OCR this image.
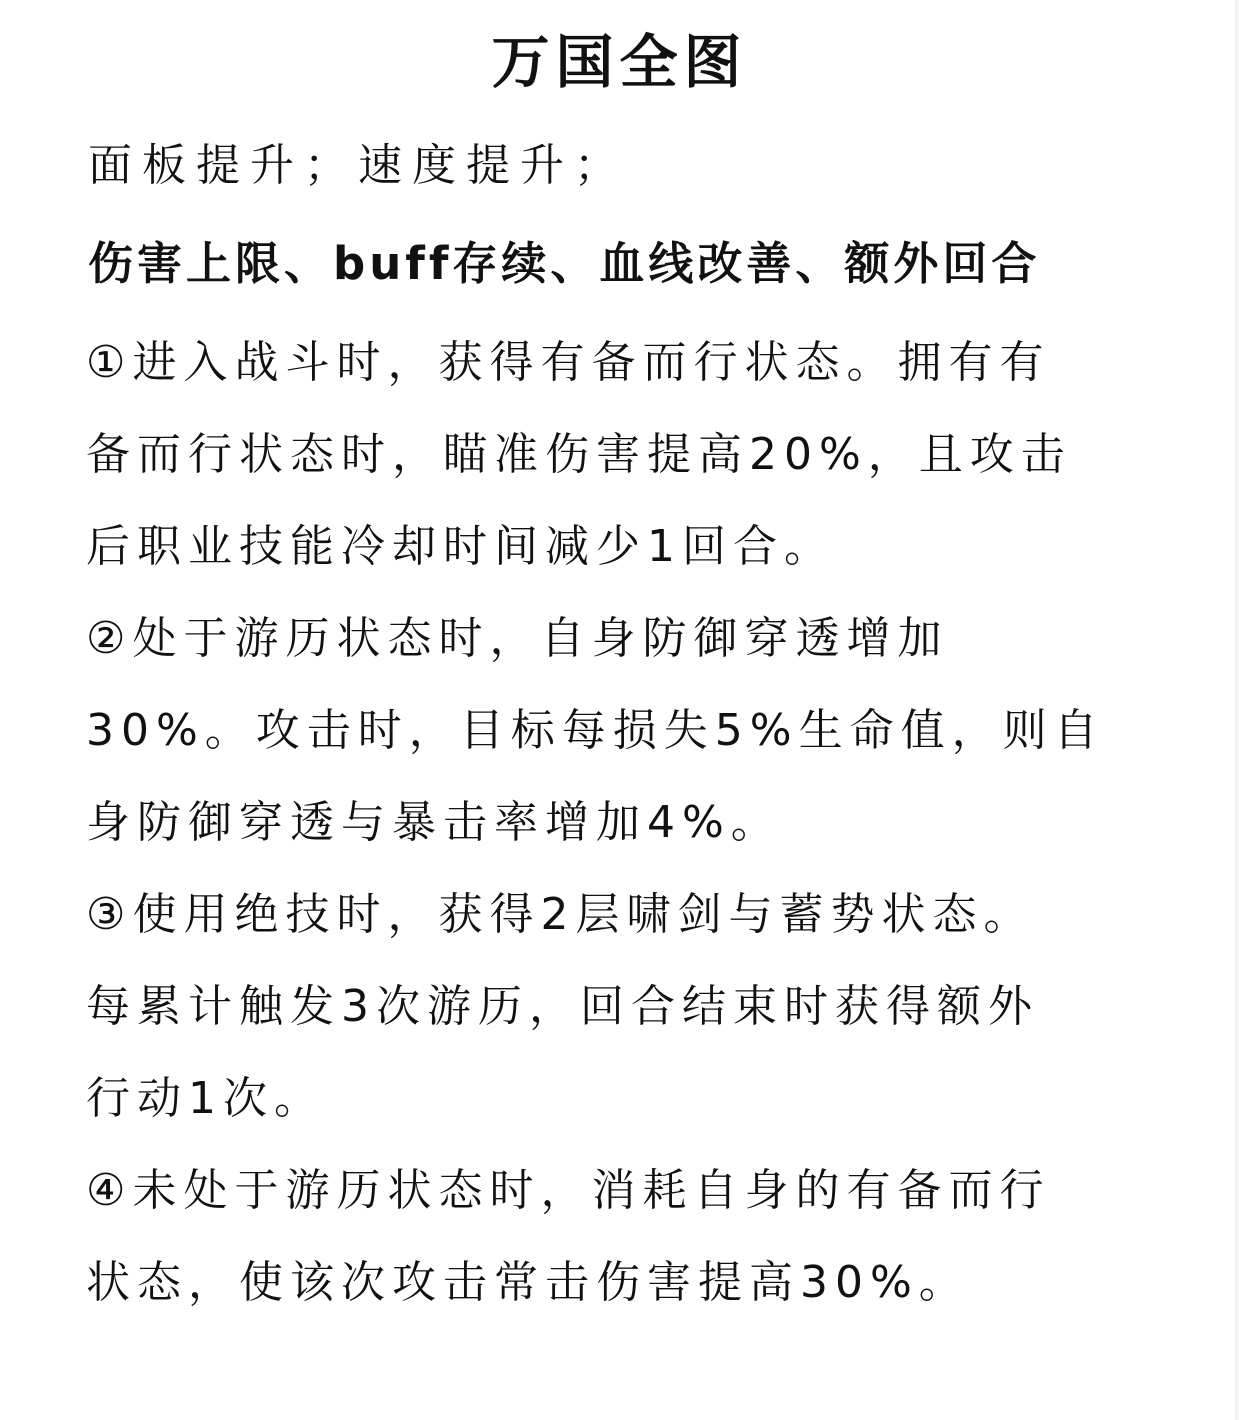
万国全图

面板提升；速度提升；

伤害上限、buff存续、血线改善、额外回合

①进入战斗时，获得有备而行状态。拥有有

备而行状态时，瞄准伤害提高20%，且攻击

后职业技能冷却时间减少1回合。

②处于游历状态时，自身防御穿透增加

30%。攻击时，目标每损失5%生命值，则自

身防御穿透与暴击率增加4%。

③使用绝技时，获得2层啸剑与蓄势状态。

每累计触发3次游历，回合结束时获得额外

行动1次。

④未处于游历状态时，消耗自身的有备而行

状态，使该次攻击常击伤害提高30%。
